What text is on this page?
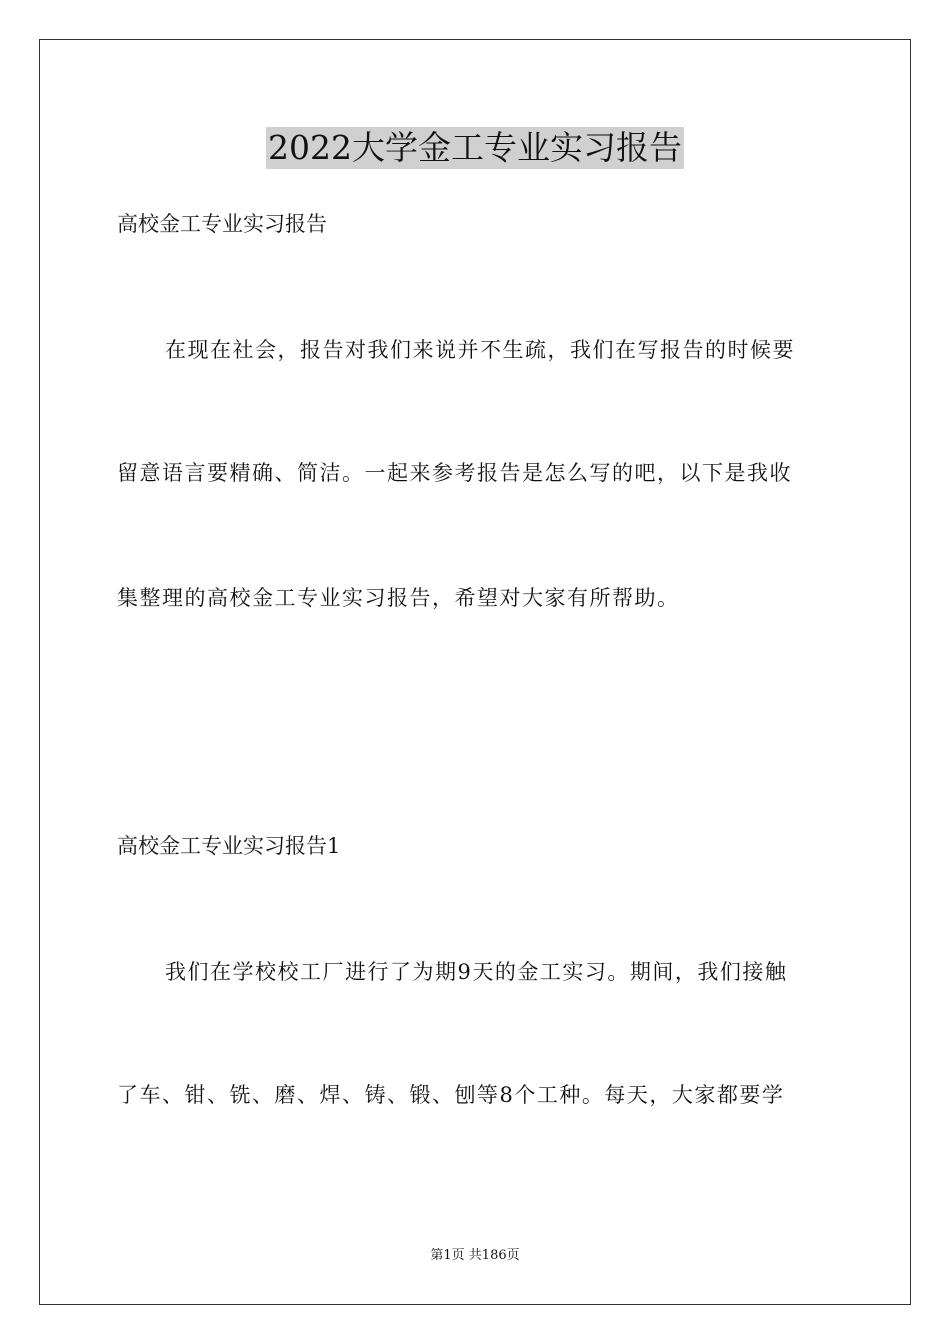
2022大学金工专业实习报告
高校金工专业实习报告
在现在社会，报告对我们来说并不生疏，我们在写报告的时候要
留意语言要精确、简洁。一起来参考报告是怎么写的吧，以下是我收
集整理的高校金工专业实习报告，希望对大家有所帮助。
高校金工专业实习报告1
我们在学校校工厂进行了为期9天的金工实习。期间，我们接触
了车、钳、铣、磨、焊、铸、锻、刨等8个工种。每天，大家都要学
第1页 共186页
